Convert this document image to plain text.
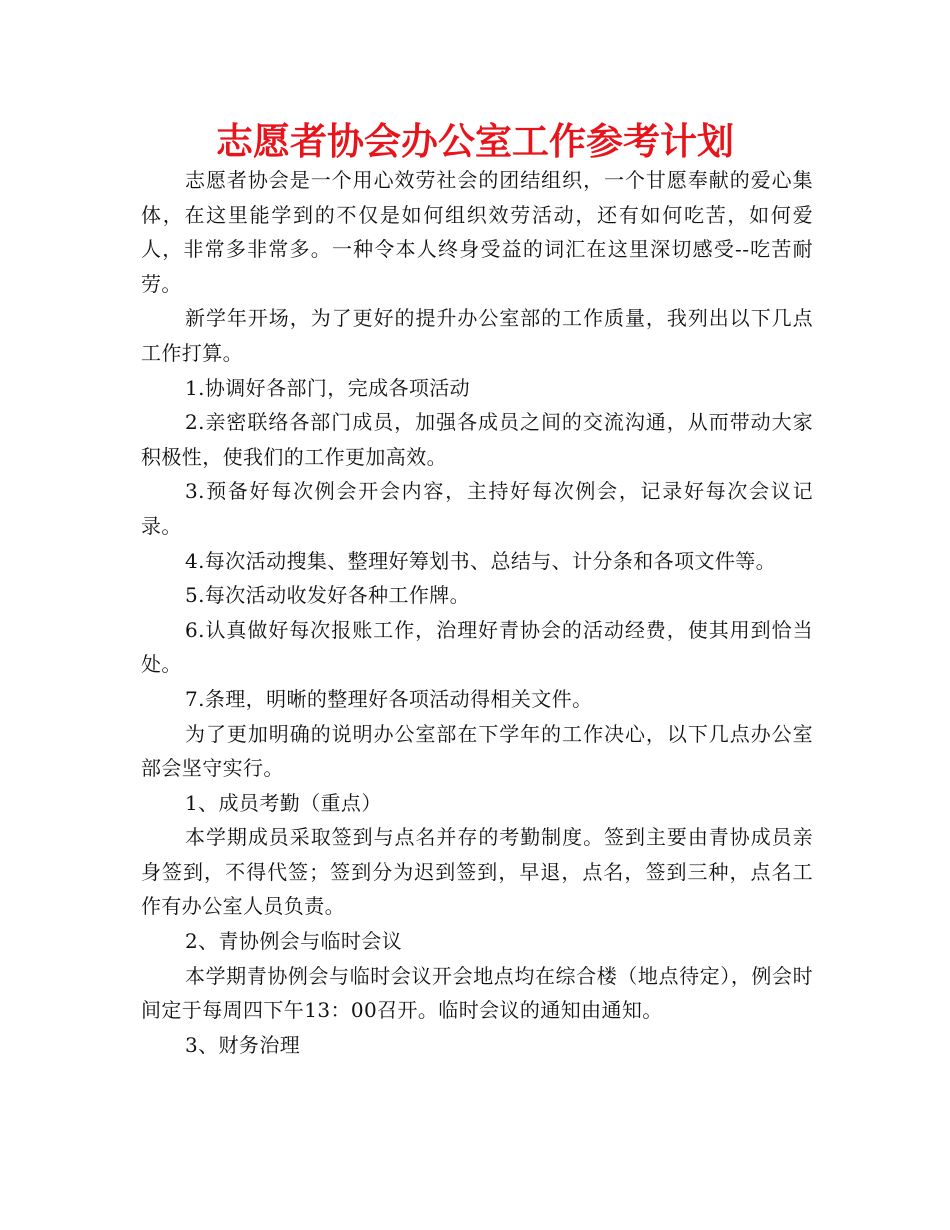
志愿者协会办公室工作参考计划

志愿者协会是一个用心效劳社会的团结组织，一个甘愿奉献的爱心集体，在这里能学到的不仅是如何组织效劳活动，还有如何吃苦，如何爱人，非常多非常多。一种令本人终身受益的词汇在这里深切感受--吃苦耐劳。

新学年开场，为了更好的提升办公室部的工作质量，我列出以下几点工作打算。

1.协调好各部门，完成各项活动

2.亲密联络各部门成员，加强各成员之间的交流沟通，从而带动大家积极性，使我们的工作更加高效。

3.预备好每次例会开会内容，主持好每次例会，记录好每次会议记录。

4.每次活动搜集、整理好筹划书、总结与、计分条和各项文件等。

5.每次活动收发好各种工作牌。

6.认真做好每次报账工作，治理好青协会的活动经费，使其用到恰当处。

7.条理，明晰的整理好各项活动得相关文件。

为了更加明确的说明办公室部在下学年的工作决心，以下几点办公室部会坚守实行。

1、成员考勤（重点）

本学期成员采取签到与点名并存的考勤制度。签到主要由青协成员亲身签到，不得代签；签到分为迟到签到，早退，点名，签到三种，点名工作有办公室人员负责。

2、青协例会与临时会议

本学期青协例会与临时会议开会地点均在综合楼（地点待定），例会时间定于每周四下午13：00召开。临时会议的通知由通知。

3、财务治理
